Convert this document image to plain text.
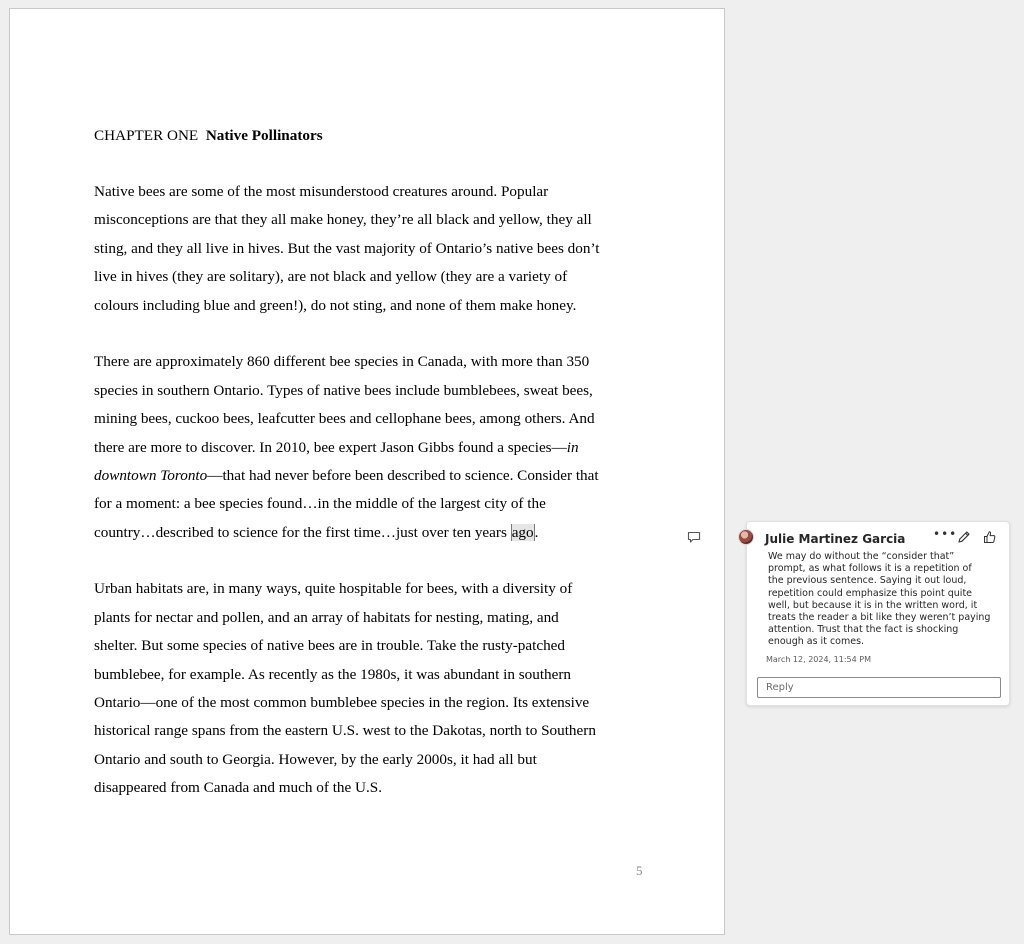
CHAPTER ONE Native Pollinators
Native bees are some of the most misunderstood creatures around. Popular
misconceptions are that they all make honey, they’re all black and yellow, they all
sting, and they all live in hives. But the vast majority of Ontario’s native bees don’t
live in hives (they are solitary), are not black and yellow (they are a variety of
colours including blue and green!), do not sting, and none of them make honey.
There are approximately 860 different bee species in Canada, with more than 350
species in southern Ontario. Types of native bees include bumblebees, sweat bees,
mining bees, cuckoo bees, leafcutter bees and cellophane bees, among others. And
there are more to discover. In 2010, bee expert Jason Gibbs found a species—in
downtown Toronto—that had never before been described to science. Consider that
for a moment: a bee species found…in the middle of the largest city of the
country…described to science for the first time…just over ten years ago.
Urban habitats are, in many ways, quite hospitable for bees, with a diversity of
plants for nectar and pollen, and an array of habitats for nesting, mating, and
shelter. But some species of native bees are in trouble. Take the rusty-patched
bumblebee, for example. As recently as the 1980s, it was abundant in southern
Ontario—one of the most common bumblebee species in the region. Its extensive
historical range spans from the eastern U.S. west to the Dakotas, north to Southern
Ontario and south to Georgia. However, by the early 2000s, it had all but
disappeared from Canada and much of the U.S.
5
Julie Martinez Garcia •••
We may do without the “consider that”
prompt, as what follows it is a repetition of
the previous sentence. Saying it out loud,
repetition could emphasize this point quite
well, but because it is in the written word, it
treats the reader a bit like they weren’t paying
attention. Trust that the fact is shocking
enough as it comes.
March 12, 2024, 11:54 PM
Reply
